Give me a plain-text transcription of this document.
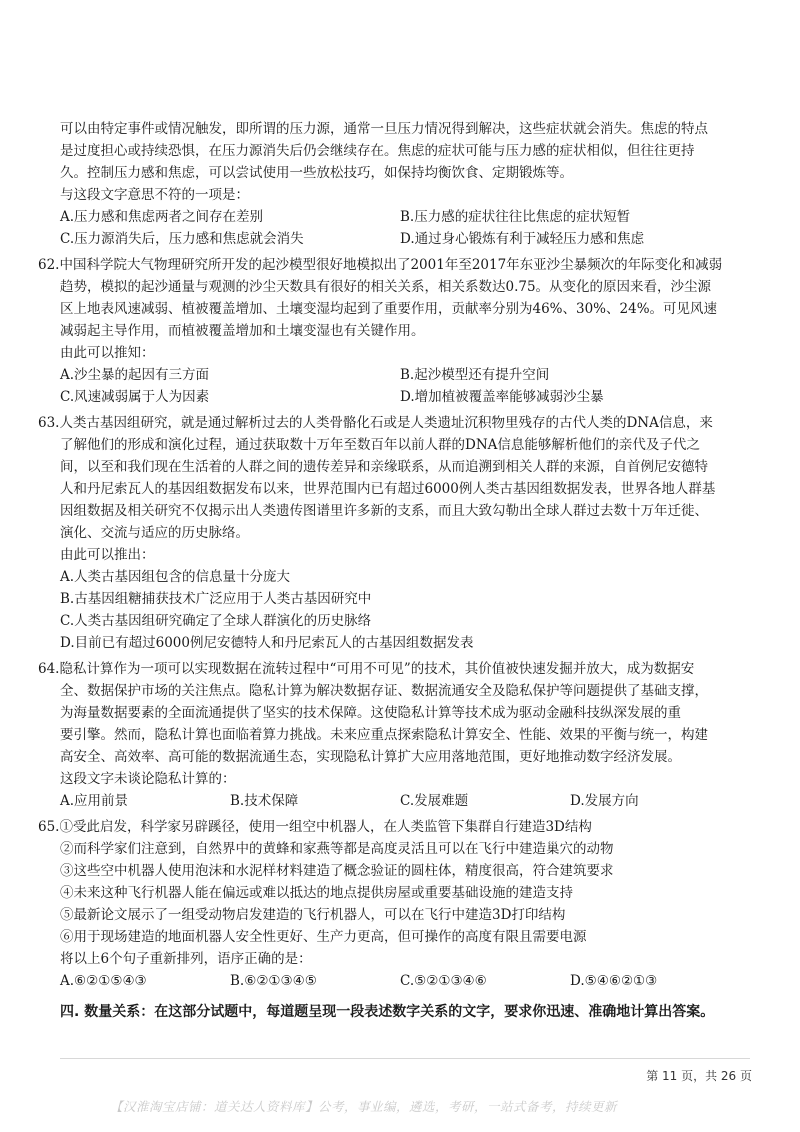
可以由特定事件或情况触发，即所谓的压力源，通常一旦压力情况得到解决，这些症状就会消失。焦虑的特点

是过度担心或持续恐惧，在压力源消失后仍会继续存在。焦虑的症状可能与压力感的症状相似，但往往更持

久。控制压力感和焦虑，可以尝试使用一些放松技巧，如保持均衡饮食、定期锻炼等。

与这段文字意思不符的一项是：

A.压力感和焦虑两者之间存在差别	B.压力感的症状往往比焦虑的症状短暂
C.压力源消失后，压力感和焦虑就会消失	D.通过身心锻炼有利于减轻压力感和焦虑

62.中国科学院大气物理研究所开发的起沙模型很好地模拟出了2001年至2017年东亚沙尘暴频次的年际变化和减弱

趋势，模拟的起沙通量与观测的沙尘天数具有很好的相关关系，相关系数达0.75。从变化的原因来看，沙尘源

区上地表风速减弱、植被覆盖增加、土壤变湿均起到了重要作用，贡献率分别为46%、30%、24%。可见风速

减弱起主导作用，而植被覆盖增加和土壤变湿也有关键作用。

由此可以推知：

A.沙尘暴的起因有三方面	B.起沙模型还有提升空间
C.风速减弱属于人为因素	D.增加植被覆盖率能够减弱沙尘暴

63.人类古基因组研究，就是通过解析过去的人类骨骼化石或是人类遗址沉积物里残存的古代人类的DNA信息，来

了解他们的形成和演化过程，通过获取数十万年至数百年以前人群的DNA信息能够解析他们的亲代及子代之

间，以至和我们现在生活着的人群之间的遗传差异和亲缘联系，从而追溯到相关人群的来源，自首例尼安德特

人和丹尼索瓦人的基因组数据发布以来，世界范围内已有超过6000例人类古基因组数据发表，世界各地人群基

因组数据及相关研究不仅揭示出人类遗传图谱里许多新的支系，而且大致勾勒出全球人群过去数十万年迁徙、

演化、交流与适应的历史脉络。

由此可以推出：

A.人类古基因组包含的信息量十分庞大

B.古基因组糖捕获技术广泛应用于人类古基因研究中

C.人类古基因组研究确定了全球人群演化的历史脉络

D.目前已有超过6000例尼安德特人和丹尼索瓦人的古基因组数据发表

64.隐私计算作为一项可以实现数据在流转过程中“可用不可见”的技术，其价值被快速发掘并放大，成为数据安

全、数据保护市场的关注焦点。隐私计算为解决数据存证、数据流通安全及隐私保护等问题提供了基础支撑，

为海量数据要素的全面流通提供了坚实的技术保障。这使隐私计算等技术成为驱动金融科技纵深发展的重

要引擎。然而，隐私计算也面临着算力挑战。未来应重点探索隐私计算安全、性能、效果的平衡与统一，构建

高安全、高效率、高可能的数据流通生态，实现隐私计算扩大应用落地范围，更好地推动数字经济发展。

这段文字未谈论隐私计算的：

A.应用前景	B.技术保障	C.发展难题	D.发展方向

65.①受此启发，科学家另辟蹊径，使用一组空中机器人，在人类监管下集群自行建造3D结构

②而科学家们注意到，自然界中的黄蜂和家燕等都是高度灵活且可以在飞行中建造巢穴的动物

③这些空中机器人使用泡沫和水泥样材料建造了概念验证的圆柱体，精度很高，符合建筑要求

④未来这种飞行机器人能在偏远或难以抵达的地点提供房屋或重要基础设施的建造支持

⑤最新论文展示了一组受动物启发建造的飞行机器人，可以在飞行中建造3D打印结构

⑥用于现场建造的地面机器人安全性更好、生产力更高，但可操作的高度有限且需要电源

将以上6个句子重新排列，语序正确的是：

A.⑥②①⑤④③	B.⑥②①③④⑤	C.⑤②①③④⑥	D.⑤④⑥②①③
四. 数量关系：在这部分试题中，每道题呈现一段表述数字关系的文字，要求你迅速、准确地计算出答案。
第 11 页，共 26 页
【汉淮淘宝店铺：道关达人资料库】公考，事业编，遴选，考研，一站式备考，持续更新
